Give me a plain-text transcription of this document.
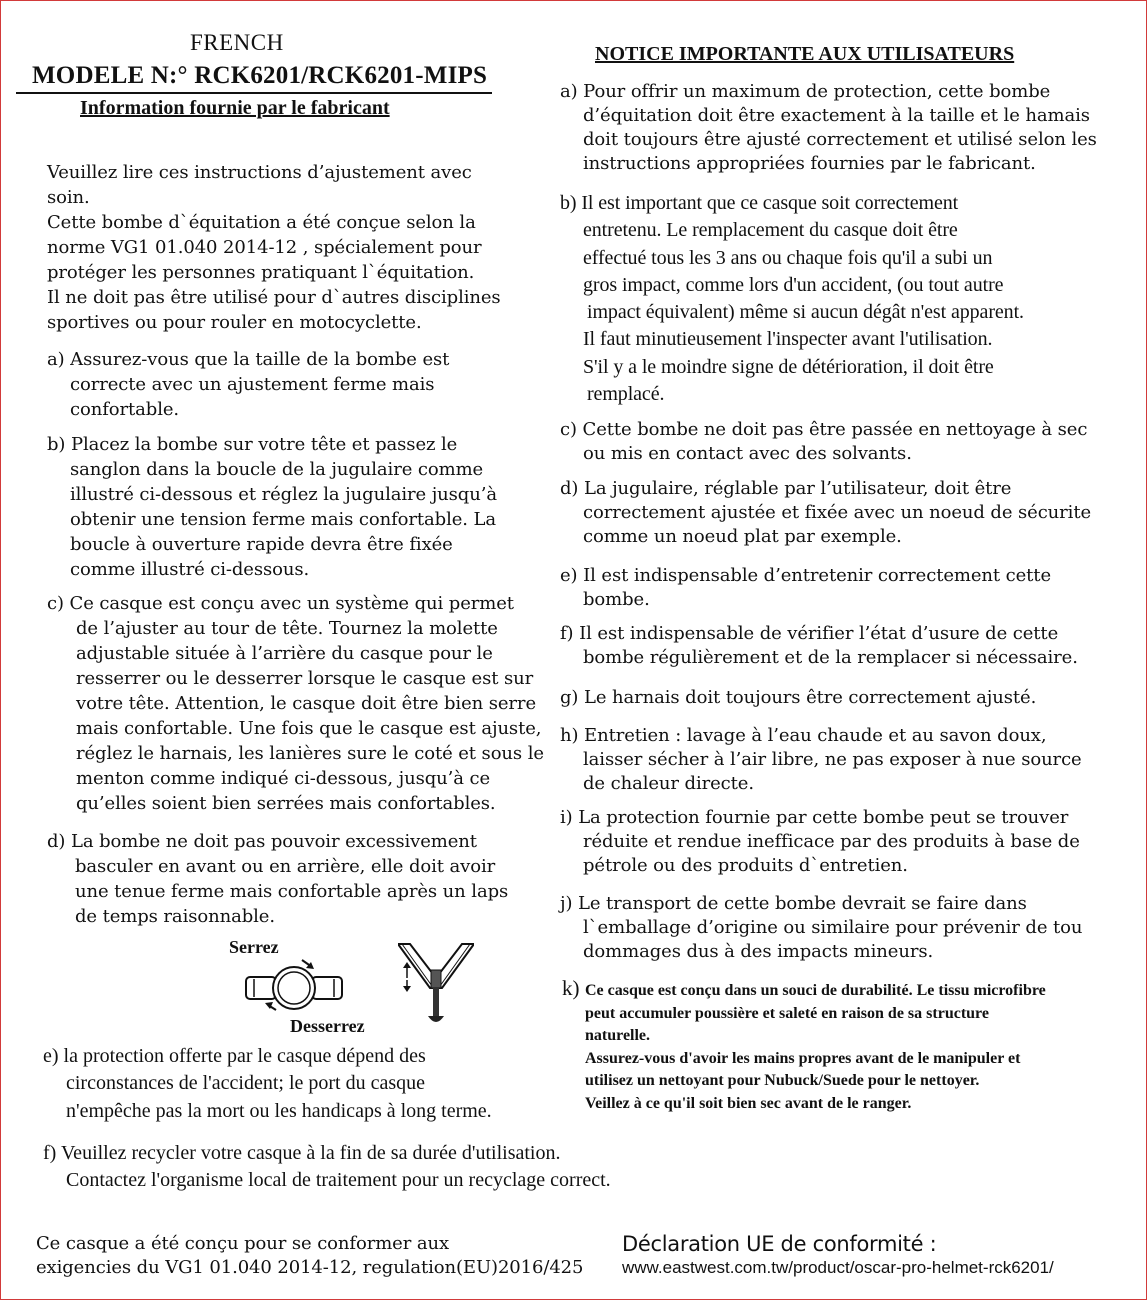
FRENCH
MODELE N:° RCK6201/RCK6201-MIPS
Information fournie par le fabricant
Veuillez lire ces instructions d’ajustement avec
soin.
Cette bombe d`équitation a été conçue selon la
norme VG1 01.040 2014-12 , spécialement pour
protéger les personnes pratiquant l`équitation.
Il ne doit pas être utilisé pour d`autres disciplines
sportives ou pour rouler en motocyclette.
a) Assurez-vous que la taille de la bombe est
correcte avec un ajustement ferme mais
confortable.
b) Placez la bombe sur votre tête et passez le
sanglon dans la boucle de la jugulaire comme
illustré ci-dessous et réglez la jugulaire jusqu’à
obtenir une tension ferme mais confortable. La
boucle à ouverture rapide devra être fixée
comme illustré ci-dessous.
c) Ce casque est conçu avec un système qui permet
de l’ajuster au tour de tête. Tournez la molette
adjustable située à l’arrière du casque pour le
resserrer ou le desserrer lorsque le casque est sur
votre tête. Attention, le casque doit être bien serre
mais confortable. Une fois que le casque est ajuste,
réglez le harnais, les lanières sure le coté et sous le
menton comme indiqué ci-dessous, jusqu’à ce
qu’elles soient bien serrées mais confortables.
d) La bombe ne doit pas pouvoir excessivement
basculer en avant ou en arrière, elle doit avoir
une tenue ferme mais confortable après un laps
de temps raisonnable.
Serrez
Desserrez
e) la protection offerte par le casque dépend des
circonstances de l'accident; le port du casque
n'empêche pas la mort ou les handicaps à long terme.
f) Veuillez recycler votre casque à la fin de sa durée d'utilisation.
Contactez l'organisme local de traitement pour un recyclage correct.
Ce casque a été conçu pour se conformer aux
exigencies du VG1 01.040 2014-12, regulation(EU)2016/425
NOTICE IMPORTANTE AUX UTILISATEURS
a) Pour offrir un maximum de protection, cette bombe
d’équitation doit être exactement à la taille et le hamais
doit toujours être ajusté correctement et utilisé selon les
instructions appropriées fournies par le fabricant.
b) Il est important que ce casque soit correctement
entretenu. Le remplacement du casque doit être
effectué tous les 3 ans ou chaque fois qu'il a subi un
gros impact, comme lors d'un accident, (ou tout autre
impact équivalent) même si aucun dégât n'est apparent.
Il faut minutieusement l'inspecter avant l'utilisation.
S'il y a le moindre signe de détérioration, il doit être
remplacé.
c) Cette bombe ne doit pas être passée en nettoyage à sec
ou mis en contact avec des solvants.
d) La jugulaire, réglable par l’utilisateur, doit être
correctement ajustée et fixée avec un noeud de sécurite
comme un noeud plat par exemple.
e) Il est indispensable d’entretenir correctement cette
bombe.
f) Il est indispensable de vérifier l’état d’usure de cette
bombe régulièrement et de la remplacer si nécessaire.
g) Le harnais doit toujours être correctement ajusté.
h) Entretien : lavage à l’eau chaude et au savon doux,
laisser sécher à l’air libre, ne pas exposer à nue source
de chaleur directe.
i) La protection fournie par cette bombe peut se trouver
réduite et rendue inefficace par des produits à base de
pétrole ou des produits d`entretien.
j) Le transport de cette bombe devrait se faire dans
l`emballage d’origine ou similaire pour prévenir de tou
dommages dus à des impacts mineurs.
k) Ce casque est conçu dans un souci de durabilité. Le tissu microfibre
peut accumuler poussière et saleté en raison de sa structure
naturelle.
Assurez-vous d'avoir les mains propres avant de le manipuler et
utilisez un nettoyant pour Nubuck/Suede pour le nettoyer.
Veillez à ce qu'il soit bien sec avant de le ranger.
Déclaration UE de conformité :
www.eastwest.com.tw/product/oscar-pro-helmet-rck6201/
